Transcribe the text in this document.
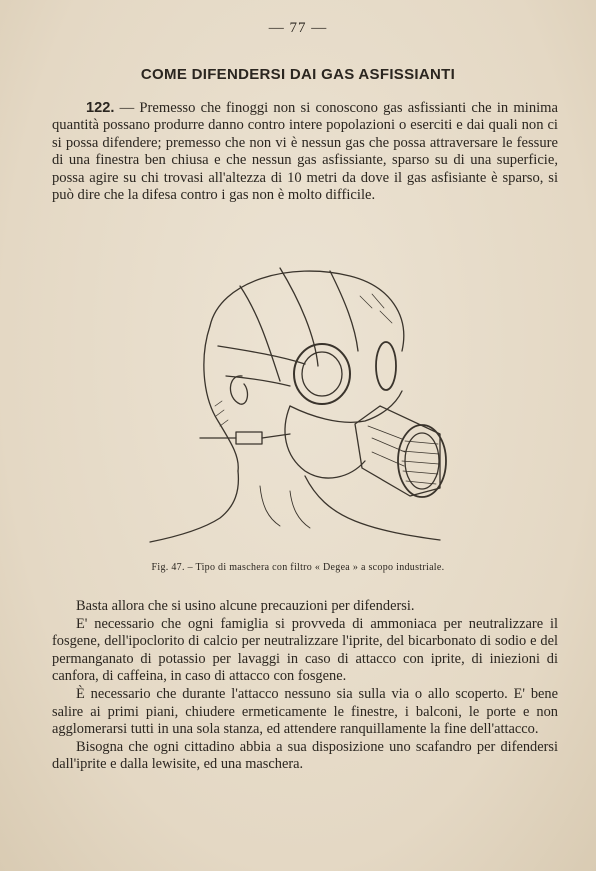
— 77 —
COME DIFENDERSI DAI GAS ASFISSIANTI
122. — Premesso che finoggi non si conoscono gas asfissianti che in minima quantità possano produrre danno contro intere popolazioni o eserciti e dai quali non ci si possa difendere; premesso che non vi è nessun gas che possa attraversare le fessure di una finestra ben chiusa e che nessun gas asfissiante, sparso su di una superficie, possa agire su chi trovasi all'altezza di 10 metri da dove il gas asfisiante è sparso, si può dire che la difesa contro i gas non è molto difficile.
Fig. 47. – Tipo di maschera con filtro « Degea » a scopo industriale.

Basta allora che si usino alcune precauzioni per difendersi.

E' necessario che ogni famiglia si provveda di ammoniaca per neutralizzare il fosgene, dell'ipoclorito di calcio per neutralizzare l'iprite, del bicarbonato di sodio e del permanganato di potassio per lavaggi in caso di attacco con iprite, di iniezioni di canfora, di caffeina, in caso di attacco con fosgene.

È necessario che durante l'attacco nessuno sia sulla via o allo scoperto. E' bene salire ai primi piani, chiudere ermeticamente le finestre, i balconi, le porte e non agglomerarsi tutti in una sola stanza, ed attendere ranquillamente la fine dell'attacco.

Bisogna che ogni cittadino abbia a sua disposizione uno scafandro per difendersi dall'iprite e dalla lewisite, ed una maschera.
